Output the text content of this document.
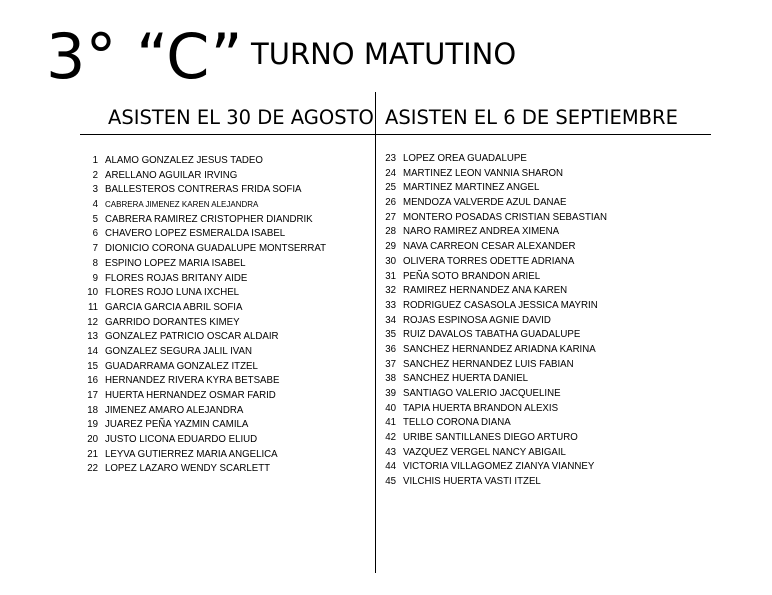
3° “C” TURNO MATUTINO
ASISTEN EL 30 DE AGOSTO ASISTEN EL 6 DE SEPTIEMBRE
1 ALAMO GONZALEZ JESUS TADEO
2 ARELLANO AGUILAR IRVING
3 BALLESTEROS CONTRERAS FRIDA SOFIA
4 CABRERA JIMENEZ KAREN ALEJANDRA
5 CABRERA RAMIREZ CRISTOPHER DIANDRIK
6 CHAVERO LOPEZ ESMERALDA ISABEL
7 DIONICIO CORONA GUADALUPE MONTSERRAT
8 ESPINO LOPEZ MARIA ISABEL
9 FLORES ROJAS BRITANY AIDE
10 FLORES ROJO LUNA IXCHEL
11 GARCIA GARCIA ABRIL SOFIA
12 GARRIDO DORANTES KIMEY
13 GONZALEZ PATRICIO OSCAR ALDAIR
14 GONZALEZ SEGURA JALIL IVAN
15 GUADARRAMA GONZALEZ ITZEL
16 HERNANDEZ RIVERA KYRA BETSABE
17 HUERTA HERNANDEZ OSMAR FARID
18 JIMENEZ AMARO ALEJANDRA
19 JUAREZ PEÑA YAZMIN CAMILA
20 JUSTO LICONA EDUARDO ELIUD
21 LEYVA GUTIERREZ MARIA ANGELICA
22 LOPEZ LAZARO WENDY SCARLETT
23 LOPEZ OREA GUADALUPE
24 MARTINEZ LEON VANNIA SHARON
25 MARTINEZ MARTINEZ ANGEL
26 MENDOZA VALVERDE AZUL DANAE
27 MONTERO POSADAS CRISTIAN SEBASTIAN
28 NARO RAMIREZ ANDREA XIMENA
29 NAVA CARREON CESAR ALEXANDER
30 OLIVERA TORRES ODETTE ADRIANA
31 PEÑA SOTO BRANDON ARIEL
32 RAMIREZ HERNANDEZ ANA KAREN
33 RODRIGUEZ CASASOLA JESSICA MAYRIN
34 ROJAS ESPINOSA AGNIE DAVID
35 RUIZ DAVALOS TABATHA GUADALUPE
36 SANCHEZ HERNANDEZ ARIADNA KARINA
37 SANCHEZ HERNANDEZ LUIS FABIAN
38 SANCHEZ HUERTA DANIEL
39 SANTIAGO VALERIO JACQUELINE
40 TAPIA HUERTA BRANDON ALEXIS
41 TELLO CORONA DIANA
42 URIBE SANTILLANES DIEGO ARTURO
43 VAZQUEZ VERGEL NANCY ABIGAIL
44 VICTORIA VILLAGOMEZ ZIANYA VIANNEY
45 VILCHIS HUERTA VASTI ITZEL
